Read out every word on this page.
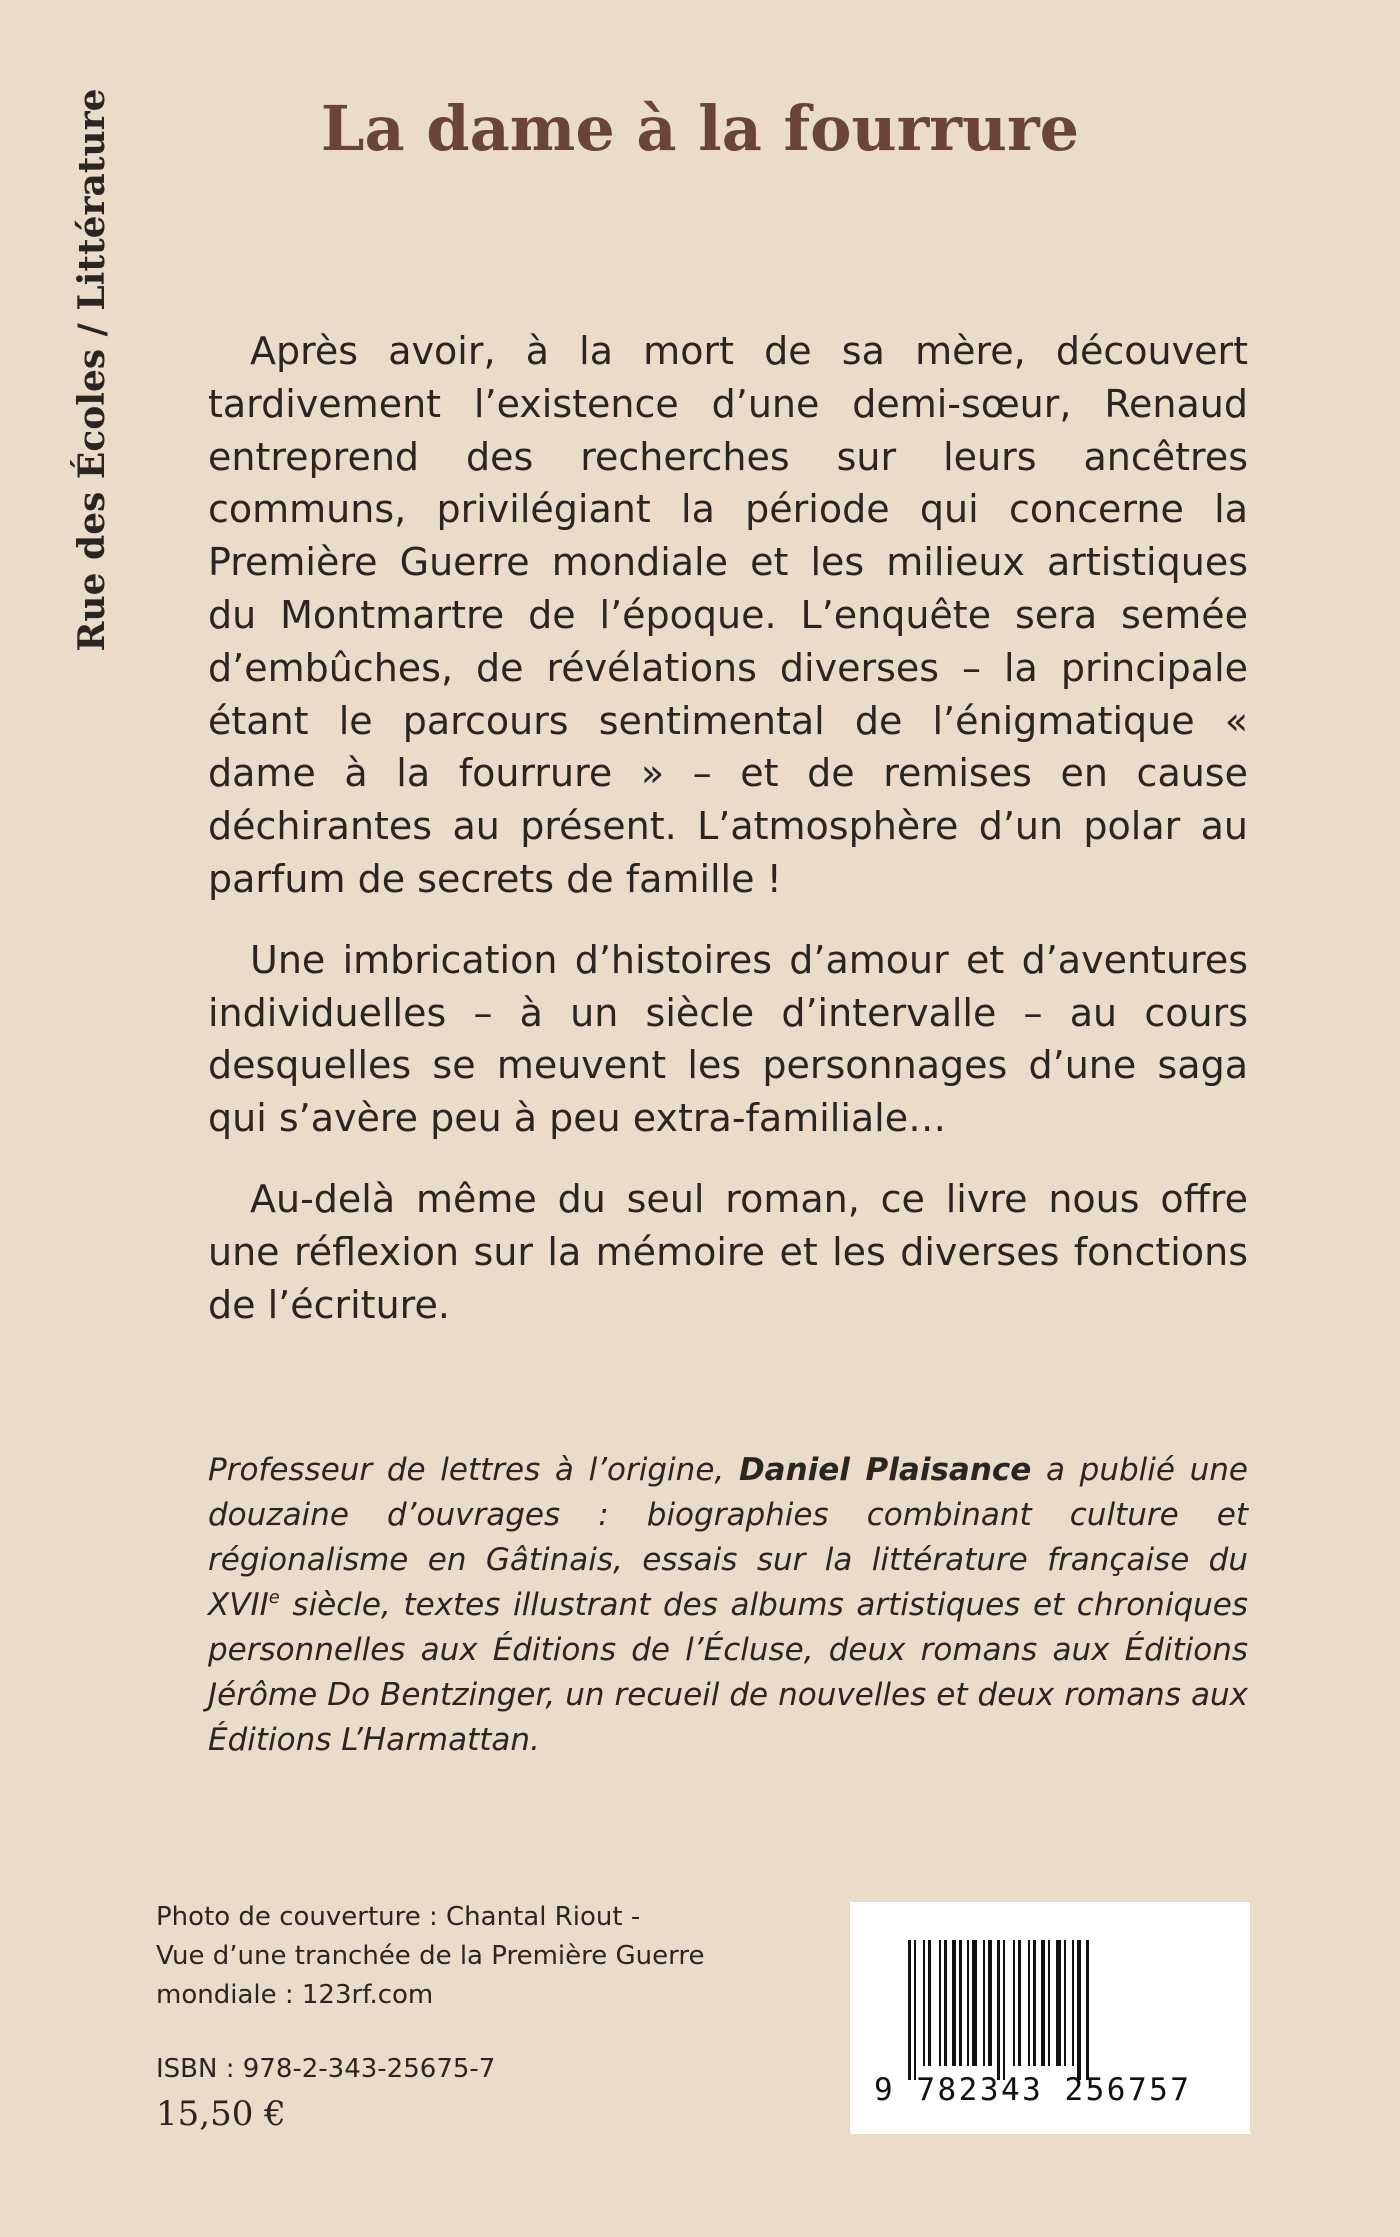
Rue des Écoles / Littérature	La dame à la fourrure

Après avoir, à la mort de sa mère, découvert tardivement l’existence d’une demi-sœur, Renaud entreprend des recherches sur leurs ancêtres communs, privilégiant la période qui concerne la Première Guerre mondiale et les milieux artistiques du Montmartre de l’époque. L’enquête sera semée d’embûches, de révélations diverses – la principale étant le parcours sentimental de l’énigmatique « dame à la fourrure » – et de remises en cause déchirantes au présent. L’atmosphère d’un polar au parfum de secrets de famille !

Une imbrication d’histoires d’amour et d’aventures individuelles – à un siècle d’intervalle – au cours desquelles se meuvent les personnages d’une saga qui s’avère peu à peu extra-familiale…

Au-delà même du seul roman, ce livre nous offre une réflexion sur la mémoire et les diverses fonctions de l’écriture.

Professeur de lettres à l’origine, Daniel Plaisance a publié une douzaine d’ouvrages : biographies combinant culture et régionalisme en Gâtinais, essais sur la littérature française du XVIIe siècle, textes illustrant des albums artistiques et chroniques personnelles aux Éditions de l’Écluse, deux romans aux Éditions Jérôme Do Bentzinger, un recueil de nouvelles et deux romans aux Éditions L’Harmattan.

Photo de couverture : Chantal Riout -
Vue d’une tranchée de la Première Guerre
mondiale : 123rf.com
ISBN : 978-2-343-25675-7
15,50 €
9 782343 256757
